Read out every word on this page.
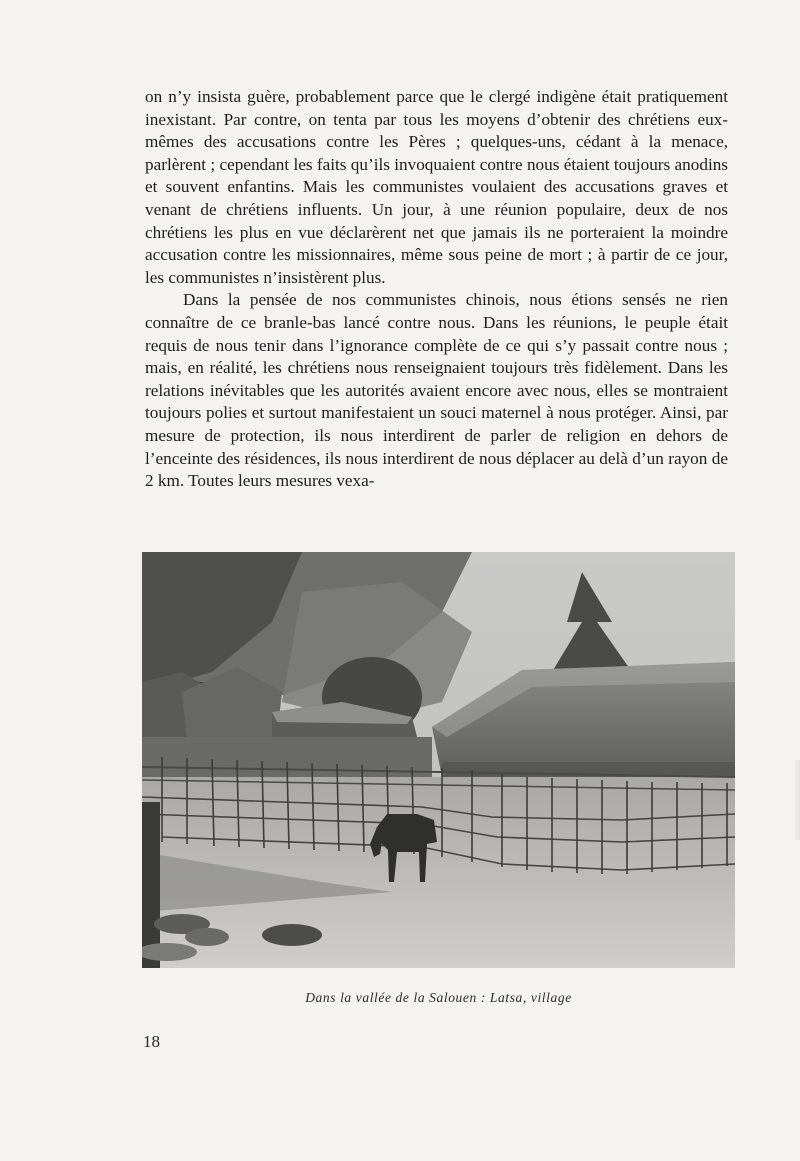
on n’y insista guère, probablement parce que le clergé indigène était pratiquement inexistant. Par contre, on tenta par tous les moyens d’obtenir des chrétiens eux-mêmes des accusations contre les Pères ; quelques-uns, cédant à la menace, parlèrent ; cependant les faits qu’ils invoquaient contre nous étaient toujours anodins et souvent enfantins. Mais les communistes voulaient des accusations graves et venant de chrétiens influents. Un jour, à une réunion populaire, deux de nos chrétiens les plus en vue déclarèrent net que jamais ils ne porteraient la moindre accusation contre les missionnaires, même sous peine de mort ; à partir de ce jour, les communistes n’insistèrent plus.

Dans la pensée de nos communistes chinois, nous étions sensés ne rien connaître de ce branle-bas lancé contre nous. Dans les réunions, le peuple était requis de nous tenir dans l’ignorance complète de ce qui s’y passait contre nous ; mais, en réalité, les chrétiens nous renseignaient toujours très fidèlement. Dans les relations inévitables que les autorités avaient encore avec nous, elles se montraient toujours polies et surtout manifestaient un souci maternel à nous protéger. Ainsi, par mesure de protection, ils nous interdirent de parler de religion en dehors de l’enceinte des résidences, ils nous interdirent de nous déplacer au delà d’un rayon de 2 km. Toutes leurs mesures vexa-

Dans la vallée de la Salouen : Latsa, village
18
